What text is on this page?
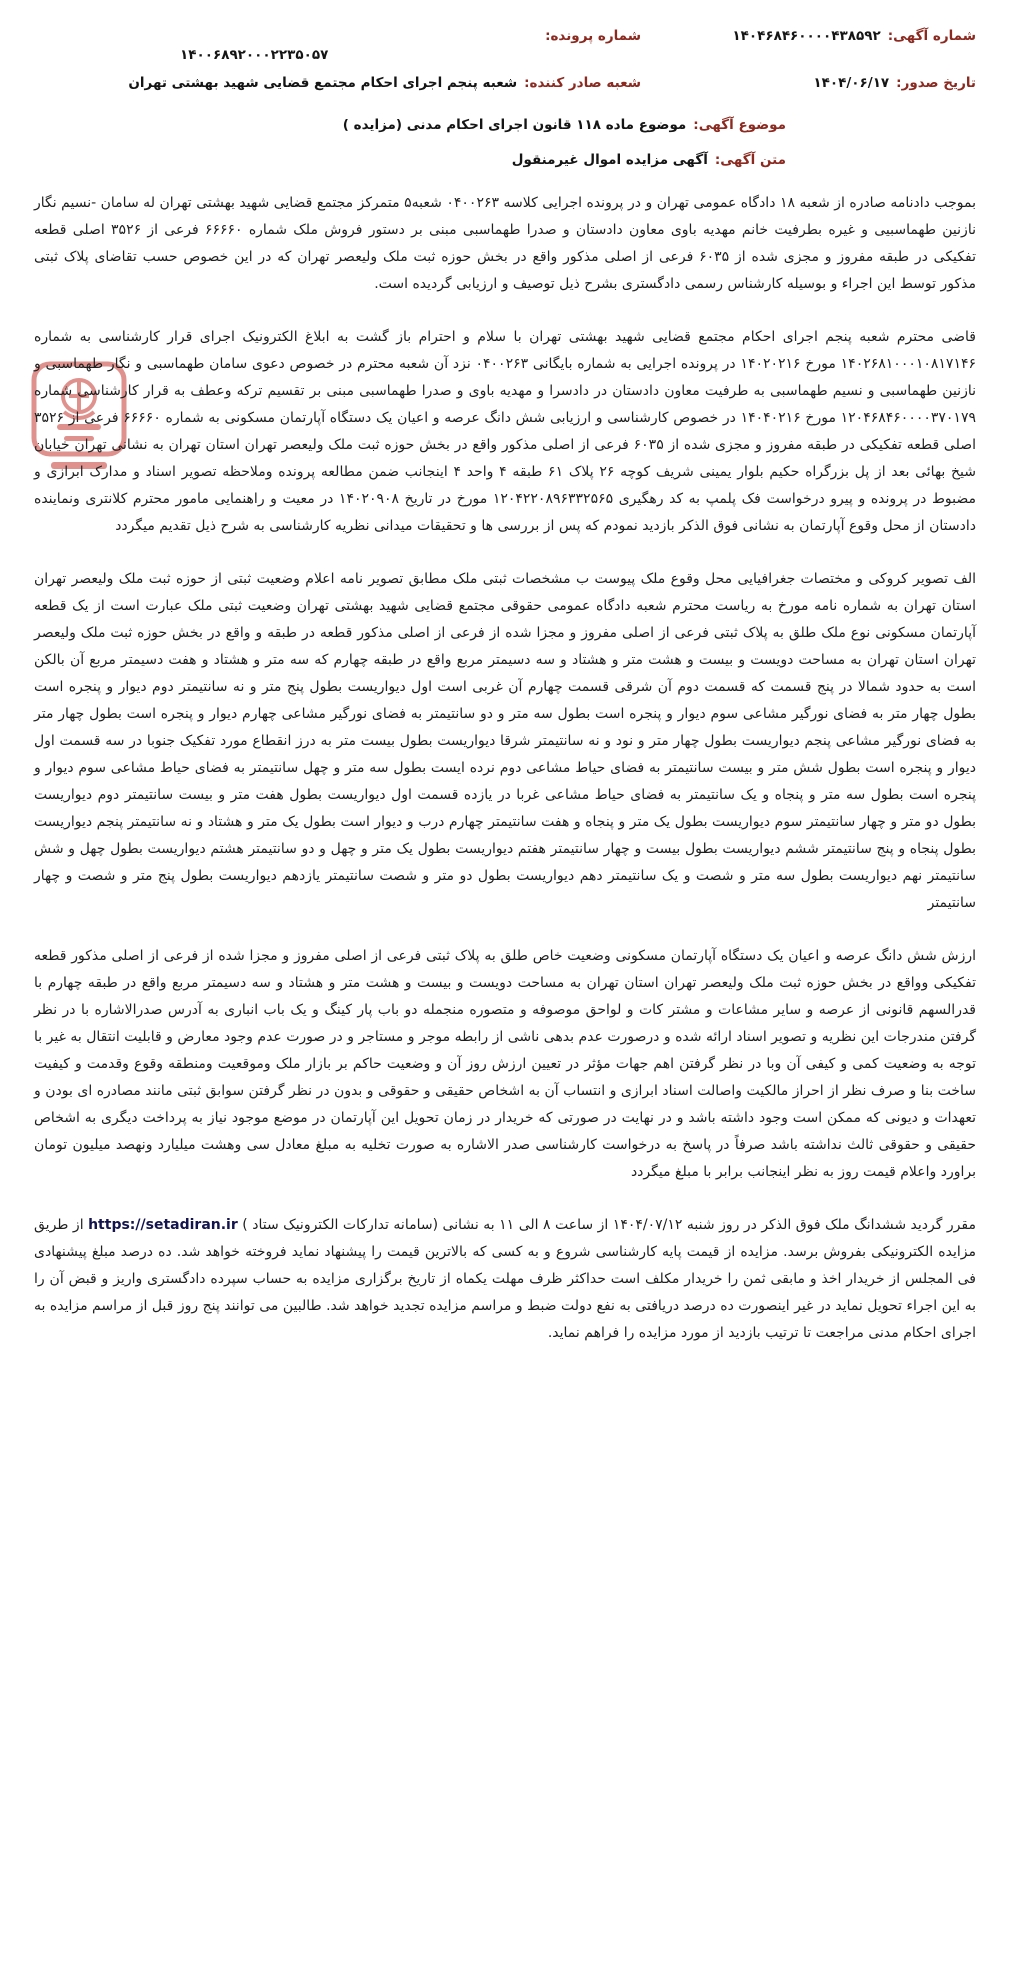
شماره آگهی:
۱۴۰۴۶۸۴۶۰۰۰۰۴۳۸۵۹۲
شماره پرونده:
۱۴۰۰۶۸۹۲۰۰۰۲۲۳۵۰۵۷
تاریخ صدور:
۱۴۰۴/۰۶/۱۷
شعبه صادر کننده:
شعبه پنجم اجرای احکام مجتمع قضایی شهید بهشتی تهران
موضوع آگهی:
موضوع ماده ۱۱۸ قانون اجرای احکام مدنی (مزایده )
متن آگهی:
آگهی مزایده اموال غیرمنقول

بموجب دادنامه صادره از شعبه ۱۸ دادگاه عمومی تهران و در پرونده اجرایی کلاسه ۰۴۰۰۲۶۳ شعبه۵ متمرکز مجتمع قضایی شهید بهشتی تهران له سامان -نسیم نگار نازنین طهماسبیی و غیره بطرفیت خانم مهدیه باوی معاون دادستان و صدرا طهماسبی مبنی بر دستور فروش ملک شماره ۶۶۶۶۰ فرعی از ۳۵۲۶ اصلی قطعه تفکیکی در طبقه مفروز و مجزی شده از ۶۰۳۵ فرعی از اصلی مذکور واقع در بخش حوزه ثبت ملک ولیعصر تهران که در این خصوص حسب تقاضای پلاک ثبتی مذکور توسط این اجراء و بوسیله کارشناس رسمی دادگستری بشرح ذیل توصیف و ارزیابی گردیده است.

قاضی محترم شعبه پنجم اجرای احکام مجتمع قضایی شهید بهشتی تهران با سلام و احترام باز گشت به ابلاغ الکترونیک اجرای قرار کارشناسی به شماره ۱۴۰۲۶۸۱۰۰۰۱۰۸۱۷۱۴۶ مورخ ۱۴۰۲۰۲۱۶ در پرونده اجرایی به شماره بایگانی ۰۴۰۰۲۶۳ نزد آن شعبه محترم در خصوص دعوی سامان طهماسبی و نگار طهماسبی و نازنین طهماسبی و نسیم طهماسبی به طرفیت معاون دادستان در دادسرا و مهدیه باوی و صدرا طهماسبی مبنی بر تقسیم ترکه وعطف به قرار کارشناسی شماره ۱۲۰۴۶۸۴۶۰۰۰۰۳۷۰۱۷۹ مورخ ۱۴۰۴۰۲۱۶ در خصوص کارشناسی و ارزیابی شش دانگ عرصه و اعیان یک دستگاه آپارتمان مسکونی به شماره ۶۶۶۶۰ فرعی از ۳۵۲۶ اصلی قطعه تفکیکی در طبقه مفروز و مجزی شده از ۶۰۳۵ فرعی از اصلی مذکور واقع در بخش حوزه ثبت ملک ولیعصر تهران استان تهران به نشانی تهران خیابان شیخ بهائی بعد از پل بزرگراه حکیم بلوار یمینی شریف کوچه ۲۶ پلاک ۶۱ طبقه ۴ واحد ۴ اینجانب ضمن مطالعه پرونده وملاحظه تصویر اسناد و مدارک ابرازی و مضبوط در پرونده و پیرو درخواست فک پلمپ به کد رهگیری ۱۲۰۴۲۲۰۸۹۶۳۳۲۵۶۵ مورخ در تاریخ ۱۴۰۲۰۹۰۸ در معیت و راهنمایی مامور محترم کلانتری ونماینده دادستان از محل وقوع آپارتمان به نشانی فوق الذکر بازدید نمودم که پس از بررسی ها و تحقیقات میدانی نظریه کارشناسی به شرح ذیل تقدیم میگردد

الف تصویر کروکی و مختصات جغرافیایی محل وقوع ملک پیوست ب مشخصات ثبتی ملک مطابق تصویر نامه اعلام وضعیت ثبتی از حوزه ثبت ملک ولیعصر تهران استان تهران به شماره نامه مورخ به ریاست محترم شعبه دادگاه عمومی حقوقی مجتمع قضایی شهید بهشتی تهران وضعیت ثبتی ملک عبارت است از یک قطعه آپارتمان مسکونی نوع ملک طلق به پلاک ثبتی فرعی از اصلی مفروز و مجزا شده از فرعی از اصلی مذکور قطعه در طبقه و واقع در بخش حوزه ثبت ملک ولیعصر تهران استان تهران به مساحت دویست و بیست و هشت متر و هشتاد و سه دسیمتر مربع واقع در طبقه چهارم که سه متر و هشتاد و هفت دسیمتر مربع آن بالکن است به حدود شمالا در پنج قسمت که قسمت دوم آن شرقی قسمت چهارم آن غربی است اول دیواریست بطول پنج متر و نه سانتیمتر دوم دیوار و پنجره است بطول چهار متر به فضای نورگیر مشاعی سوم دیوار و پنجره است بطول سه متر و دو سانتیمتر به فضای نورگیر مشاعی چهارم دیوار و پنجره است بطول چهار متر به فضای نورگیر مشاعی پنجم دیواریست بطول چهار متر و نود و نه سانتیمتر شرقا دیواریست بطول بیست متر به درز انقطاع مورد تفکیک جنوبا در سه قسمت اول دیوار و پنجره است بطول شش متر و بیست سانتیمتر به فضای حیاط مشاعی دوم نرده ایست بطول سه متر و چهل سانتیمتر به فضای حیاط مشاعی سوم دیوار و پنجره است بطول سه متر و پنجاه و یک سانتیمتر به فضای حیاط مشاعی غربا در یازده قسمت اول دیواریست بطول هفت متر و بیست سانتیمتر دوم دیواریست بطول دو متر و چهار سانتیمتر سوم دیواریست بطول یک متر و پنجاه و هفت سانتیمتر چهارم درب و دیوار است بطول یک متر و هشتاد و نه سانتیمتر پنجم دیواریست بطول پنجاه و پنج سانتیمتر ششم دیواریست بطول بیست و چهار سانتیمتر هفتم دیواریست بطول یک متر و چهل و دو سانتیمتر هشتم دیواریست بطول چهل و شش سانتیمتر نهم دیواریست بطول سه متر و شصت و یک سانتیمتر دهم دیواریست بطول دو متر و شصت سانتیمتر یازدهم دیواریست بطول پنج متر و شصت و چهار سانتیمتر

ارزش شش دانگ عرصه و اعیان یک دستگاه آپارتمان مسکونی وضعیت خاص طلق به پلاک ثبتی فرعی از اصلی مفروز و مجزا شده از فرعی از اصلی مذکور قطعه تفکیکی وواقع در بخش حوزه ثبت ملک ولیعصر تهران استان تهران به مساحت دویست و بیست و هشت متر و هشتاد و سه دسیمتر مربع واقع در طبقه چهارم با قدرالسهم قانونی از عرصه و سایر مشاعات و مشتر کات و لواحق موصوفه و متصوره منجمله دو باب پار کینگ و یک باب انباری به آدرس صدرالاشاره با در نظر گرفتن مندرجات این نظریه و تصویر اسناد ارائه شده و درصورت عدم بدهی ناشی از رابطه موجر و مستاجر و در صورت عدم وجود معارض و قابلیت انتقال به غیر با توجه به وضعیت کمی و کیفی آن وبا در نظر گرفتن اهم جهات مؤثر در تعیین ارزش روز آن و وضعیت حاکم بر بازار ملک وموقعیت ومنطقه وقوع وقدمت و کیفیت ساخت بنا و صرف نظر از احراز مالکیت واصالت اسناد ابرازی و انتساب آن به اشخاص حقیقی و حقوقی و بدون در نظر گرفتن سوابق ثبتی مانند مصادره ای بودن و تعهدات و دیونی که ممکن است وجود داشته باشد و در نهایت در صورتی که خریدار در زمان تحویل این آپارتمان در موضع موجود نیاز به پرداخت دیگری به اشخاص حقیقی و حقوقی ثالث نداشته باشد صرفاً در پاسخ به درخواست کارشناسی صدر الاشاره به صورت تخلیه به مبلغ معادل سی وهشت میلیارد ونهصد میلیون تومان براورد واعلام قیمت روز به نظر اینجانب برابر با مبلغ میگردد

مقرر گردید ششدانگ ملک فوق الذکر در روز شنبه ۱۴۰۴/۰۷/۱۲ از ساعت ۸ الی ۱۱ به نشانی (سامانه تدارکات الکترونیک ستاد ) https://setadiran.ir از طریق مزایده الکترونیکی بفروش برسد. مزایده از قیمت پایه کارشناسی شروع و به کسی که بالاترین قیمت را پیشنهاد نماید فروخته خواهد شد. ده درصد مبلغ پیشنهادی فی المجلس از خریدار اخذ و مابقی ثمن را خریدار مکلف است حداکثر ظرف مهلت یکماه از تاریخ برگزاری مزایده به حساب سپرده دادگستری واریز و قبض آن را به این اجراء تحویل نماید در غیر اینصورت ده درصد دریافتی به نفع دولت ضبط و مراسم مزایده تجدید خواهد شد. طالبین می توانند پنج روز قبل از مراسم مزایده به اجرای احکام مدنی مراجعت تا ترتیب بازدید از مورد مزایده را فراهم نماید.
